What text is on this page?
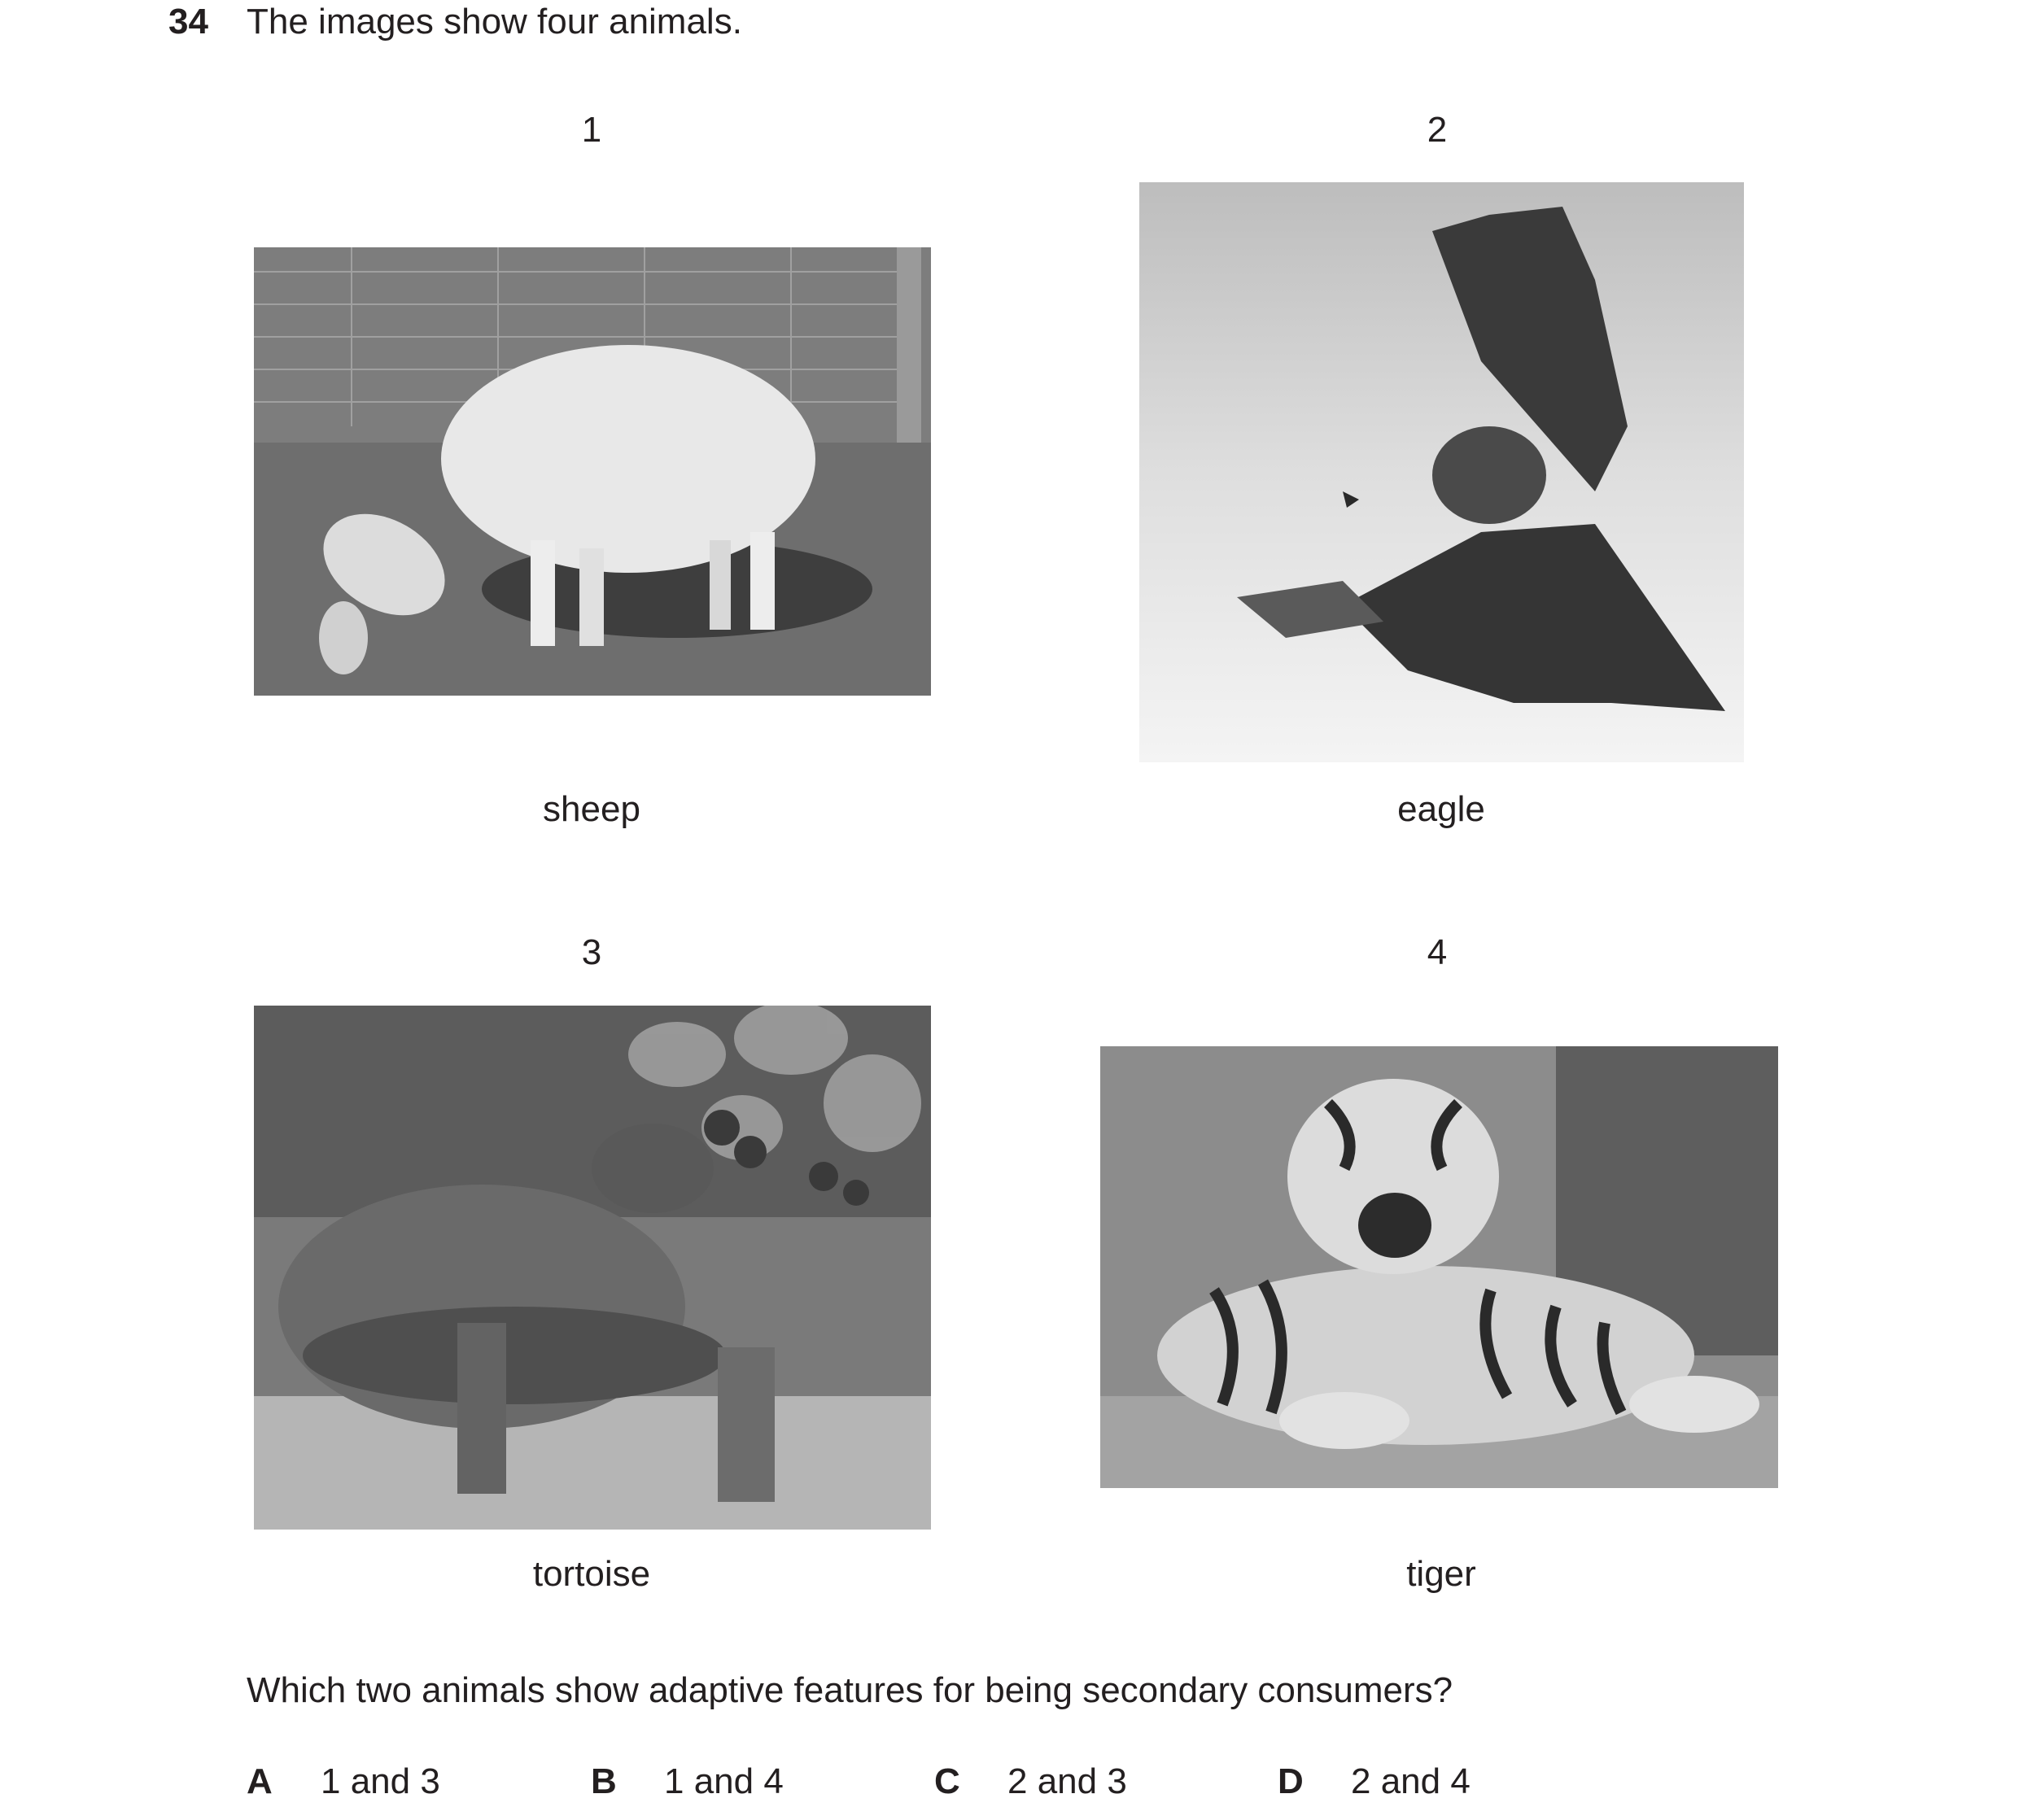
34 The images show four animals.
1
sheep
2
eagle
3
tortoise
4
tiger
Which two animals show adaptive features for being secondary consumers?
A 1 and 3	B 1 and 4	C 2 and 3	D 2 and 4
